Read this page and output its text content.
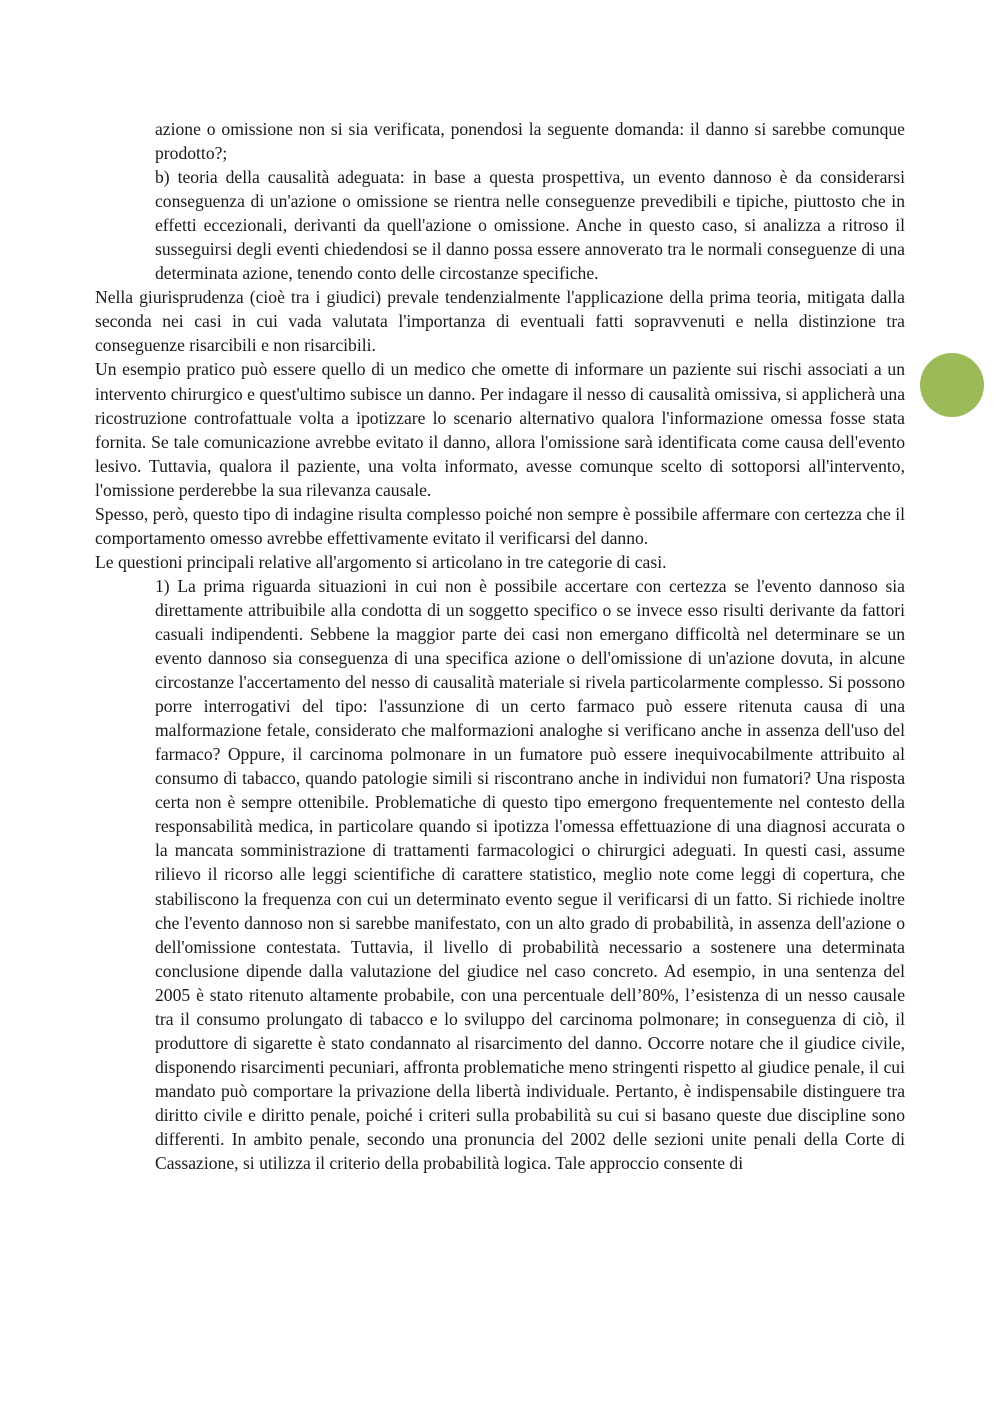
azione o omissione non si sia verificata, ponendosi la seguente domanda: il danno si sarebbe comunque prodotto?;

b) teoria della causalità adeguata: in base a questa prospettiva, un evento dannoso è da considerarsi conseguenza di un'azione o omissione se rientra nelle conseguenze prevedibili e tipiche, piuttosto che in effetti eccezionali, derivanti da quell'azione o omissione. Anche in questo caso, si analizza a ritroso il susseguirsi degli eventi chiedendosi se il danno possa essere annoverato tra le normali conseguenze di una determinata azione, tenendo conto delle circostanze specifiche.

Nella giurisprudenza (cioè tra i giudici) prevale tendenzialmente l'applicazione della prima teoria, mitigata dalla seconda nei casi in cui vada valutata l'importanza di eventuali fatti sopravvenuti e nella distinzione tra conseguenze risarcibili e non risarcibili.

Un esempio pratico può essere quello di un medico che omette di informare un paziente sui rischi associati a un intervento chirurgico e quest'ultimo subisce un danno. Per indagare il nesso di causalità omissiva, si applicherà una ricostruzione controfattuale volta a ipotizzare lo scenario alternativo qualora l'informazione omessa fosse stata fornita. Se tale comunicazione avrebbe evitato il danno, allora l'omissione sarà identificata come causa dell'evento lesivo. Tuttavia, qualora il paziente, una volta informato, avesse comunque scelto di sottoporsi all'intervento, l'omissione perderebbe la sua rilevanza causale.

Spesso, però, questo tipo di indagine risulta complesso poiché non sempre è possibile affermare con certezza che il comportamento omesso avrebbe effettivamente evitato il verificarsi del danno.

Le questioni principali relative all'argomento si articolano in tre categorie di casi.

1) La prima riguarda situazioni in cui non è possibile accertare con certezza se l'evento dannoso sia direttamente attribuibile alla condotta di un soggetto specifico o se invece esso risulti derivante da fattori casuali indipendenti. Sebbene la maggior parte dei casi non emergano difficoltà nel determinare se un evento dannoso sia conseguenza di una specifica azione o dell'omissione di un'azione dovuta, in alcune circostanze l'accertamento del nesso di causalità materiale si rivela particolarmente complesso. Si possono porre interrogativi del tipo: l'assunzione di un certo farmaco può essere ritenuta causa di una malformazione fetale, considerato che malformazioni analoghe si verificano anche in assenza dell'uso del farmaco? Oppure, il carcinoma polmonare in un fumatore può essere inequivocabilmente attribuito al consumo di tabacco, quando patologie simili si riscontrano anche in individui non fumatori? Una risposta certa non è sempre ottenibile. Problematiche di questo tipo emergono frequentemente nel contesto della responsabilità medica, in particolare quando si ipotizza l'omessa effettuazione di una diagnosi accurata o la mancata somministrazione di trattamenti farmacologici o chirurgici adeguati. In questi casi, assume rilievo il ricorso alle leggi scientifiche di carattere statistico, meglio note come leggi di copertura, che stabiliscono la frequenza con cui un determinato evento segue il verificarsi di un fatto. Si richiede inoltre che l'evento dannoso non si sarebbe manifestato, con un alto grado di probabilità, in assenza dell'azione o dell'omissione contestata. Tuttavia, il livello di probabilità necessario a sostenere una determinata conclusione dipende dalla valutazione del giudice nel caso concreto. Ad esempio, in una sentenza del 2005 è stato ritenuto altamente probabile, con una percentuale dell’80%, l’esistenza di un nesso causale tra il consumo prolungato di tabacco e lo sviluppo del carcinoma polmonare; in conseguenza di ciò, il produttore di sigarette è stato condannato al risarcimento del danno. Occorre notare che il giudice civile, disponendo risarcimenti pecuniari, affronta problematiche meno stringenti rispetto al giudice penale, il cui mandato può comportare la privazione della libertà individuale. Pertanto, è indispensabile distinguere tra diritto civile e diritto penale, poiché i criteri sulla probabilità su cui si basano queste due discipline sono differenti. In ambito penale, secondo una pronuncia del 2002 delle sezioni unite penali della Corte di Cassazione, si utilizza il criterio della probabilità logica. Tale approccio consente di
